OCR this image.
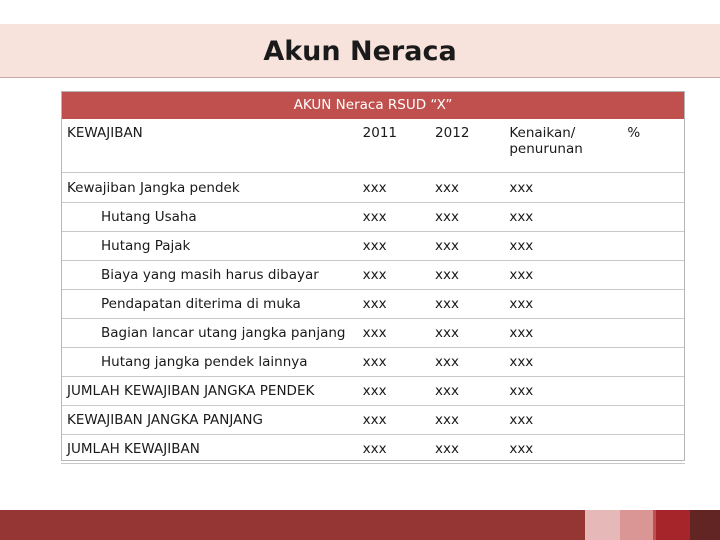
Akun Neraca
AKUN Neraca RSUD “X”				
KEWAJIBAN	2011	2012	Kenaikan/ penurunan	%
Kewajiban Jangka pendek	xxx	xxx	xxx	
Hutang Usaha	xxx	xxx	xxx	
Hutang Pajak	xxx	xxx	xxx	
Biaya yang masih harus dibayar	xxx	xxx	xxx	
Pendapatan diterima di muka	xxx	xxx	xxx	
Bagian lancar utang jangka panjang	xxx	xxx	xxx	
Hutang jangka pendek lainnya	xxx	xxx	xxx	
JUMLAH KEWAJIBAN JANGKA PENDEK	xxx	xxx	xxx	
KEWAJIBAN JANGKA PANJANG	xxx	xxx	xxx	
JUMLAH KEWAJIBAN	xxx	xxx	xxx	
